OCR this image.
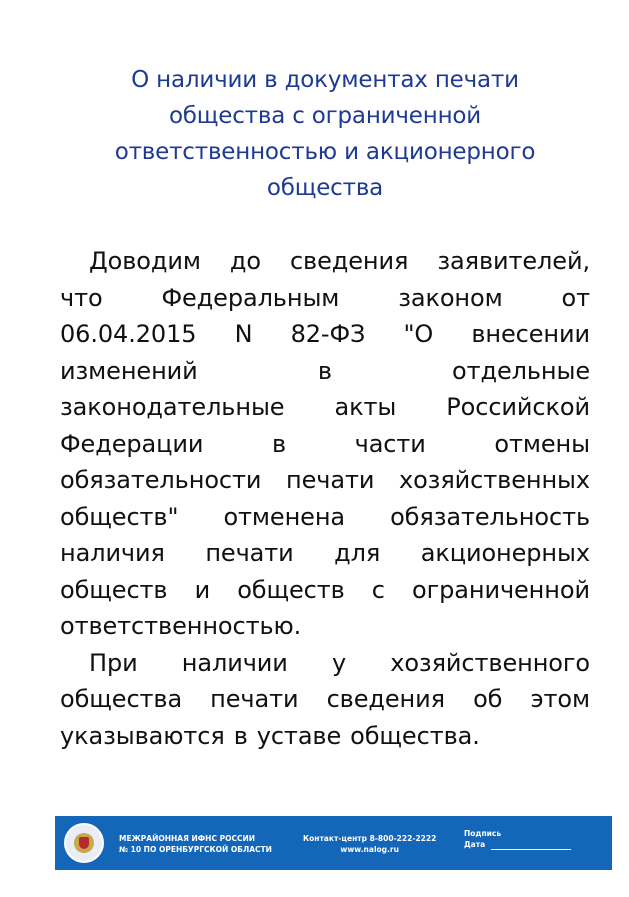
О наличии в документах печати
общества с ограниченной
ответственностью и акционерного
общества
Доводим до сведения заявителей,
что Федеральным законом от
06.04.2015 N 82-ФЗ "О внесении
изменений	в	отдельные
законодательные акты Российской
Федерации	в	части	отмены
обязательности печати хозяйственных
обществ" отменена обязательность
наличия печати для акционерных
обществ и обществ с ограниченной
ответственностью.
При наличии у хозяйственного
общества печати сведения об этом
указываются в уставе общества.
МЕЖРАЙОННАЯ ИФНС РОССИИ
№ 10 ПО ОРЕНБУРГСКОЙ ОБЛАСТИ
Контакт-центр 8-800-222-2222
www.nalog.ru
Подпись
Дата
